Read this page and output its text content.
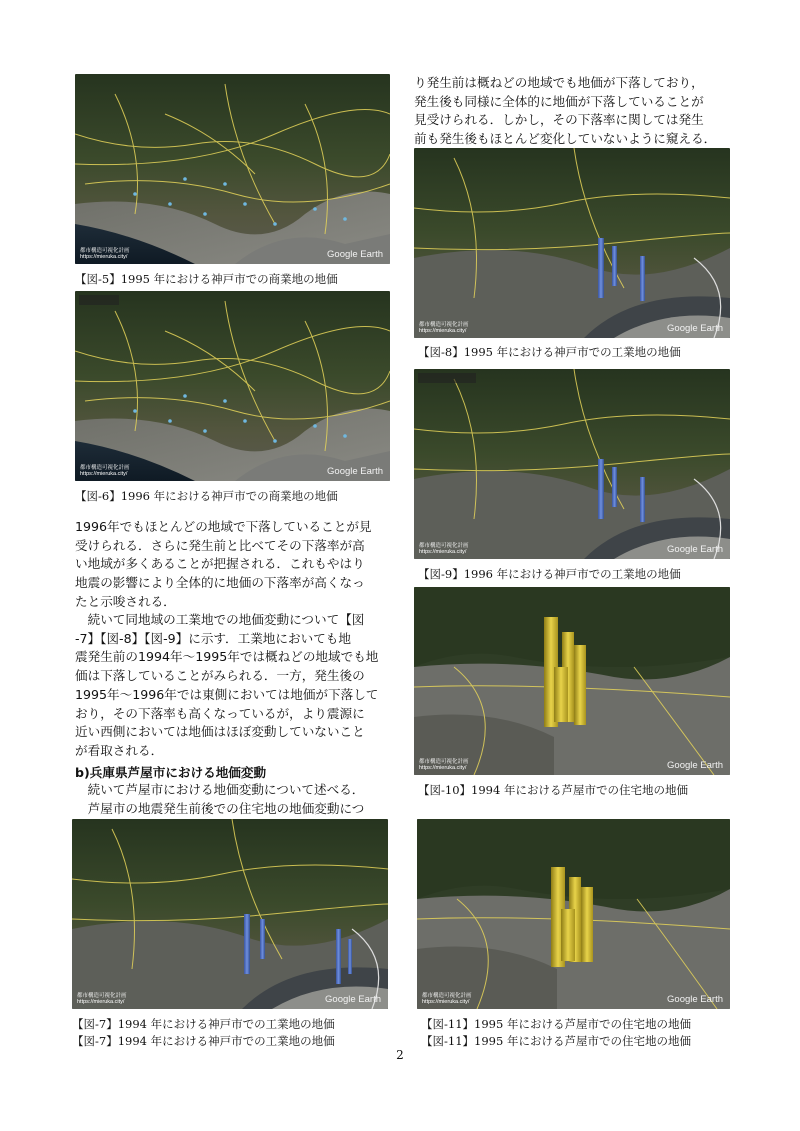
都市構造可視化計画
https://mieruka.city/	Google Earth
【図-5】1995 年における神戸市での商業地の地価
都市構造可視化計画
https://mieruka.city/	Google Earth
【図-6】1996 年における神戸市での商業地の地価
1996年でもほとんどの地域で下落していることが見
受けられる．さらに発生前と比べてその下落率が高
い地域が多くあることが把握される．これもやはり
地震の影響により全体的に地価の下落率が高くなっ
たと示唆される．
　続いて同地域の工業地での地価変動について【図
-7】【図-8】【図-9】に示す．工業地においても地
震発生前の1994年〜1995年では概ねどの地域でも地
価は下落していることがみられる．一方，発生後の
1995年〜1996年では東側においては地価が下落して
おり，その下落率も高くなっているが，より震源に
近い西側においては地価はほぼ変動していないこと
が看取される．
b)兵庫県芦屋市における地価変動
　続いて芦屋市における地価変動について述べる．
　芦屋市の地震発生前後での住宅地の地価変動につ
都市構造可視化計画
https://mieruka.city/	Google Earth
【図-7】1994 年における神戸市での工業地の地価
【図-7】1994 年における神戸市での工業地の地価
り発生前は概ねどの地域でも地価が下落しており，
発生後も同様に全体的に地価が下落していることが
見受けられる．しかし，その下落率に関しては発生
前も発生後もほとんど変化していないように窺える．
都市構造可視化計画
https://mieruka.city/	Google Earth
【図-8】1995 年における神戸市での工業地の地価
都市構造可視化計画
https://mieruka.city/	Google Earth
【図-9】1996 年における神戸市での工業地の地価
都市構造可視化計画
https://mieruka.city/	Google Earth
【図-10】1994 年における芦屋市での住宅地の地価
都市構造可視化計画
https://mieruka.city/	Google Earth
【図-11】1995 年における芦屋市での住宅地の地価
【図-11】1995 年における芦屋市での住宅地の地価
2
